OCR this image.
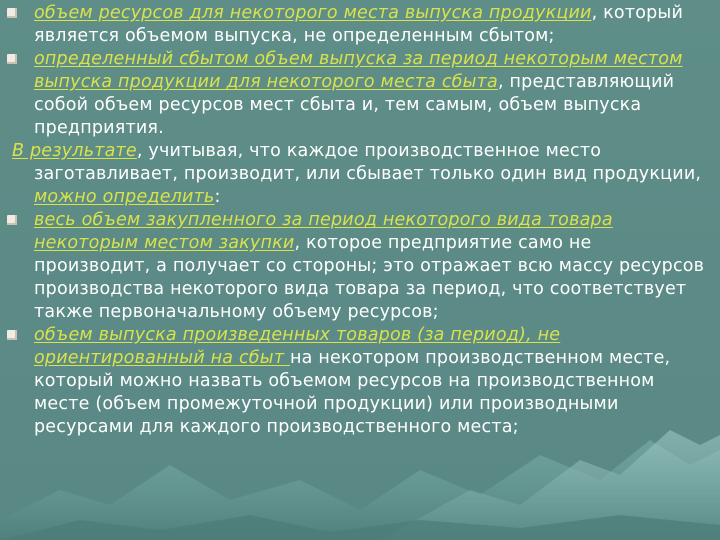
объем ресурсов для некоторого места выпуска продукции, который является объемом выпуска, не определенным сбытом;

определенный сбытом объем выпуска за период некоторым местом выпуска продукции для некоторого места сбыта, представляющий собой объем ресурсов мест сбыта и, тем самым, объем выпуска предприятия.

В результате, учитывая, что каждое производственное место заготавливает, производит, или сбывает только один вид продукции, можно определить:

весь объем закупленного за период некоторого вида товара некоторым местом закупки, которое предприятие само не производит, а получает со стороны; это отражает всю массу ресурсов производства некоторого вида товара за период, что соответствует также первоначальному объему ресурсов;

объем выпуска произведенных товаров (за период), не ориентированный на сбыт на некотором производственном месте, который можно назвать объемом ресурсов на производственном месте (объем промежуточной продукции) или производными ресурсами для каждого производственного места;
